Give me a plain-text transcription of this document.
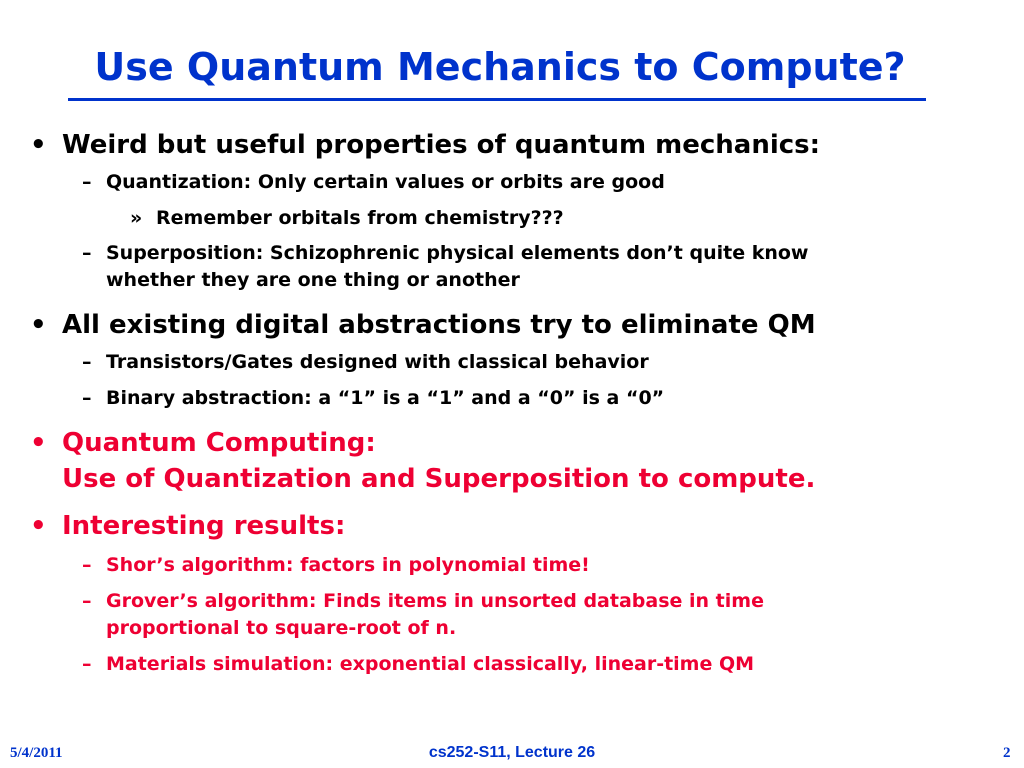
Use Quantum Mechanics to Compute?
• Weird but useful properties of quantum mechanics:
– Quantization: Only certain values or orbits are good
» Remember orbitals from chemistry???
– Superposition: Schizophrenic physical elements don’t quite know
whether they are one thing or another
• All existing digital abstractions try to eliminate QM
– Transistors/Gates designed with classical behavior
– Binary abstraction: a “1” is a “1” and a “0” is a “0”
• Quantum Computing:
Use of Quantization and Superposition to compute.
• Interesting results:
– Shor’s algorithm: factors in polynomial time!
– Grover’s algorithm: Finds items in unsorted database in time
proportional to square-root of n.
– Materials simulation: exponential classically, linear-time QM
5/4/2011	cs252-S11, Lecture 26	2
